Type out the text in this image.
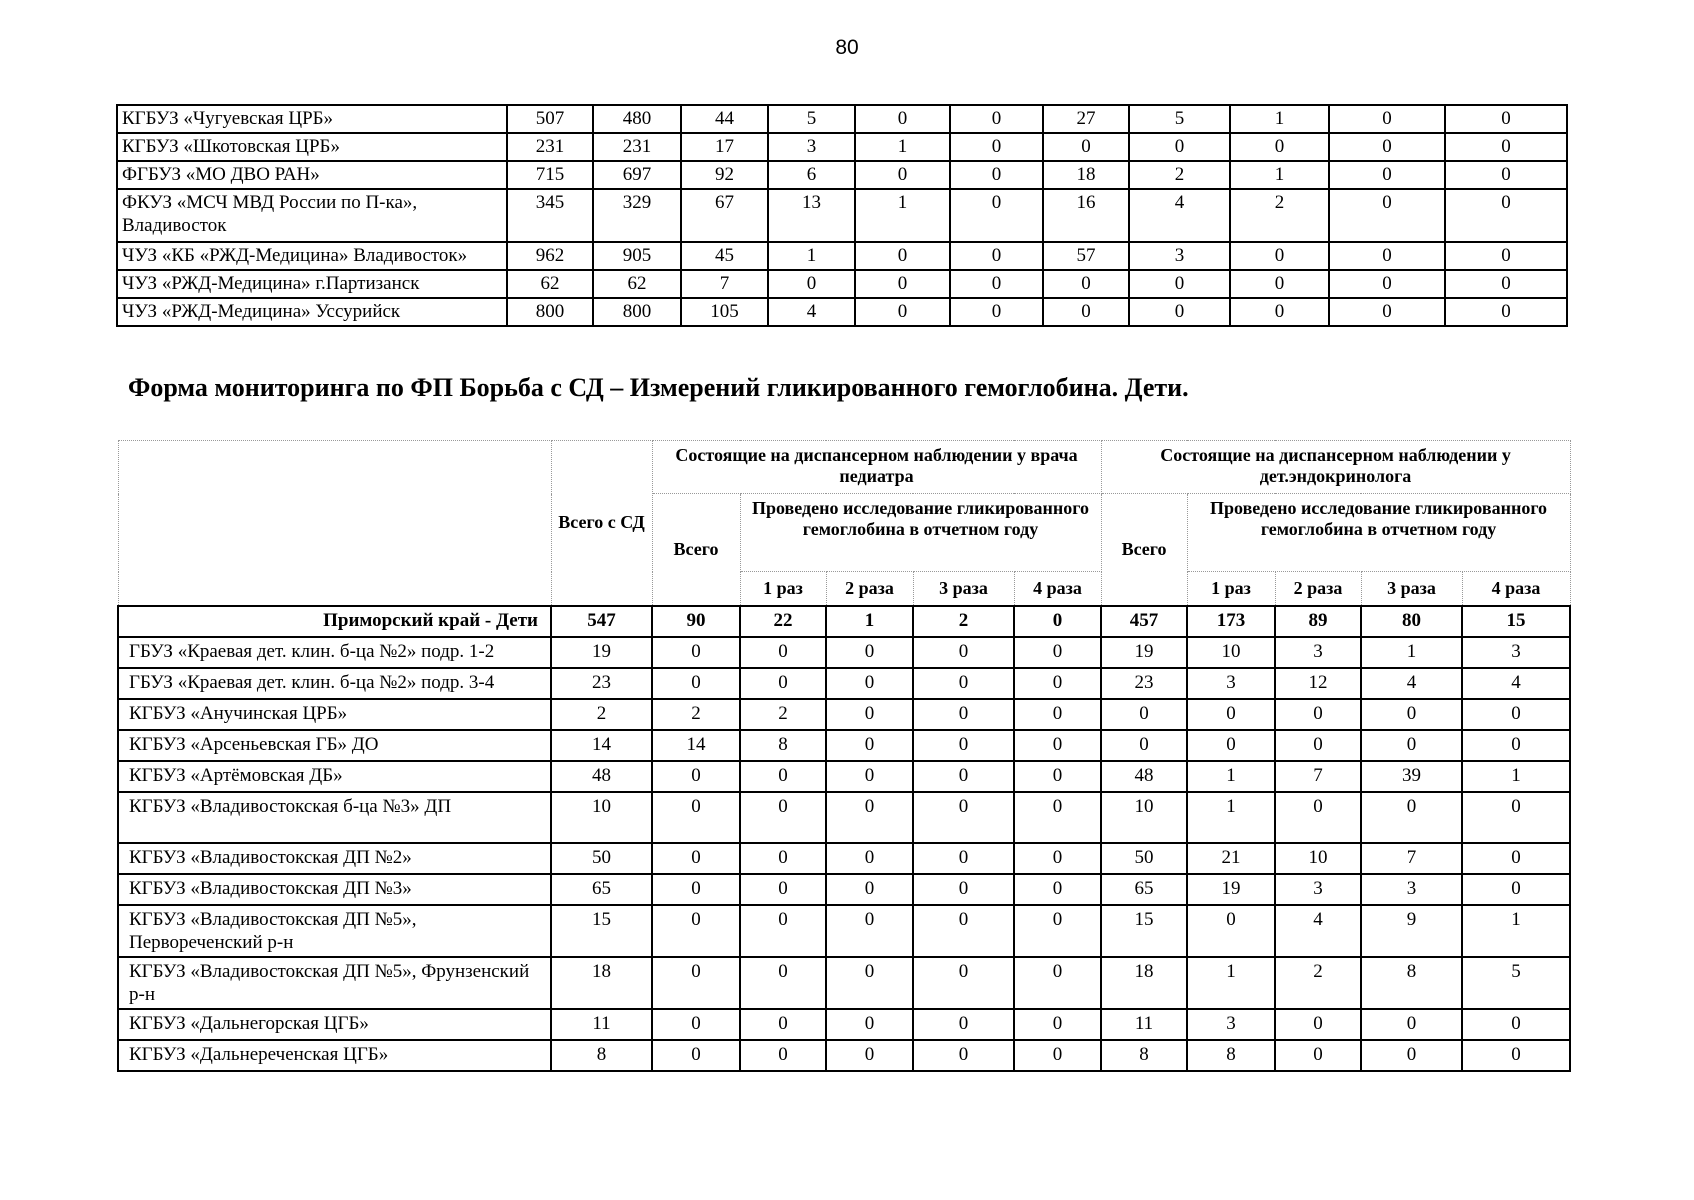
80
КГБУЗ «Чугуевская ЦРБ»	507	480	44	5	0	0	27	5	1	0	0
КГБУЗ «Шкотовская ЦРБ»	231	231	17	3	1	0	0	0	0	0	0
ФГБУЗ «МО ДВО РАН»	715	697	92	6	0	0	18	2	1	0	0
ФКУЗ «МСЧ МВД России по П-ка», Владивосток	345	329	67	13	1	0	16	4	2	0	0
ЧУЗ «КБ «РЖД-Медицина» Владивосток»	962	905	45	1	0	0	57	3	0	0	0
ЧУЗ «РЖД-Медицина» г.Партизанск	62	62	7	0	0	0	0	0	0	0	0
ЧУЗ «РЖД-Медицина» Уссурийск	800	800	105	4	0	0	0	0	0	0	0
Форма мониторинга по ФП Борьба с СД – Измерений гликированного гемоглобина. Дети.
	Всего с СД	Состоящие на диспансерном наблюдении у врача педиатра					Состоящие на диспансерном наблюдении у дет.эндокринолога				
		Всего	Проведено исследование гликированного гемоглобина в отчетном году				Всего	Проведено исследование гликированного гемоглобина в отчетном году			
			1 раз	2 раза	3 раза	4 раза		1 раз	2 раза	3 раза	4 раза
Приморский край - Дети	547	90	22	1	2	0	457	173	89	80	15
ГБУЗ «Краевая дет. клин. б-ца №2» подр. 1-2	19	0	0	0	0	0	19	10	3	1	3
ГБУЗ «Краевая дет. клин. б-ца №2» подр. 3-4	23	0	0	0	0	0	23	3	12	4	4
КГБУЗ «Анучинская ЦРБ»	2	2	2	0	0	0	0	0	0	0	0
КГБУЗ «Арсеньевская ГБ» ДО	14	14	8	0	0	0	0	0	0	0	0
КГБУЗ «Артёмовская ДБ»	48	0	0	0	0	0	48	1	7	39	1
КГБУЗ «Владивостокская б-ца №3» ДП	10	0	0	0	0	0	10	1	0	0	0
КГБУЗ «Владивостокская ДП №2»	50	0	0	0	0	0	50	21	10	7	0
КГБУЗ «Владивостокская ДП №3»	65	0	0	0	0	0	65	19	3	3	0
КГБУЗ «Владивостокская ДП №5», Первореченский р-н	15	0	0	0	0	0	15	0	4	9	1
КГБУЗ «Владивостокская ДП №5», Фрунзенский р-н	18	0	0	0	0	0	18	1	2	8	5
КГБУЗ «Дальнегорская ЦГБ»	11	0	0	0	0	0	11	3	0	0	0
КГБУЗ «Дальнереченская ЦГБ»	8	0	0	0	0	0	8	8	0	0	0
